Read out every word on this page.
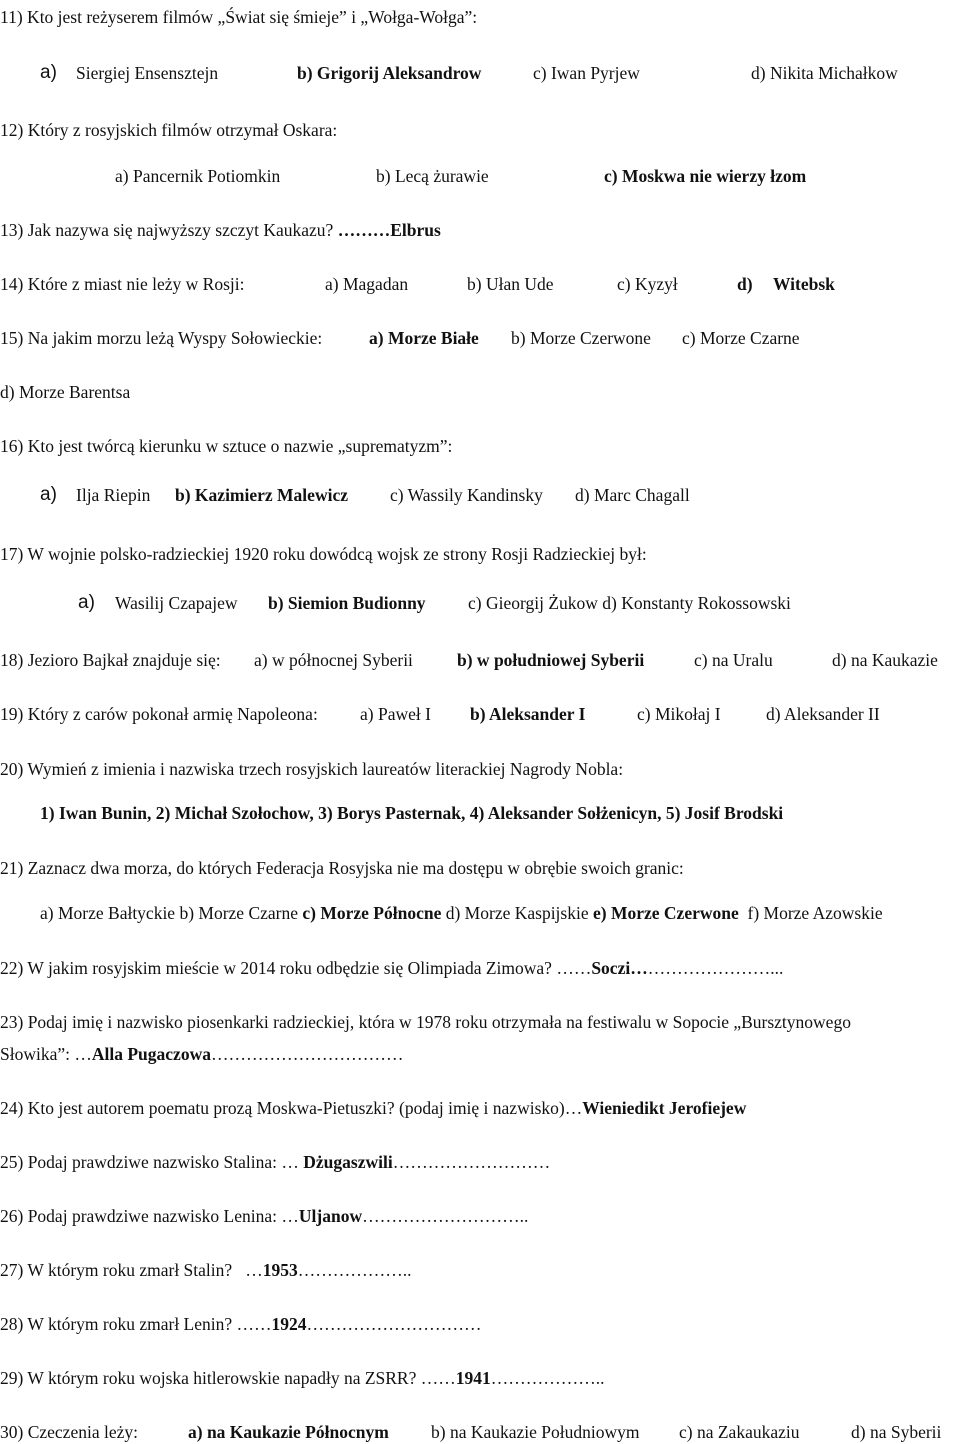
11) Kto jest reżyserem filmów „Świat się śmieje” i „Wołga-Wołga”:
a) Siergiej Ensensztejn	b) Grigorij Aleksandrow	c) Iwan Pyrjew	d) Nikita Michałkow
12) Który z rosyjskich filmów otrzymał Oskara:
a) Pancernik Potiomkin	b) Lecą żurawie	c) Moskwa nie wierzy łzom
13) Jak nazywa się najwyższy szczyt Kaukazu? ………Elbrus
14) Które z miast nie leży w Rosji:	a) Magadan	b) Ułan Ude	c) Kyzył	d) Witebsk
15) Na jakim morzu leżą Wyspy Sołowieckie:	a) Morze Białe b) Morze Czerwone c) Morze Czarne
d) Morze Barentsa
16) Kto jest twórcą kierunku w sztuce o nazwie „suprematyzm”:
a) Ilja Riepin b) Kazimierz Malewicz c) Wassily Kandinsky d) Marc Chagall
17) W wojnie polsko-radzieckiej 1920 roku dowódcą wojsk ze strony Rosji Radzieckiej był:
a) Wasilij Czapajew b) Siemion Budionny c) Gieorgij Żukow d) Konstanty Rokossowski
18) Jezioro Bajkał znajduje się: a) w północnej Syberii	b) w południowej Syberii	c) na Uralu	d) na Kaukazie
19) Który z carów pokonał armię Napoleona: a) Paweł I b) Aleksander I	c) Mikołaj I	d) Aleksander II
20) Wymień z imienia i nazwiska trzech rosyjskich laureatów literackiej Nagrody Nobla:
1) Iwan Bunin, 2) Michał Szołochow, 3) Borys Pasternak, 4) Aleksander Sołżenicyn, 5) Josif Brodski
21) Zaznacz dwa morza, do których Federacja Rosyjska nie ma dostępu w obrębie swoich granic:
a) Morze Bałtyckie b) Morze Czarne c) Morze Północne d) Morze Kaspijskie e) Morze Czerwone  f) Morze Azowskie
22) W jakim rosyjskim mieście w 2014 roku odbędzie się Olimpiada Zimowa? ……Soczi……………………...
23) Podaj imię i nazwisko piosenkarki radzieckiej, która w 1978 roku otrzymała na festiwalu w Sopocie „Bursztynowego
Słowika”: …Alla Pugaczowa……………………………
24) Kto jest autorem poematu prozą Moskwa-Pietuszki? (podaj imię i nazwisko)…Wieniedikt Jerofiejew
25) Podaj prawdziwe nazwisko Stalina: … Dżugaszwili………………………
26) Podaj prawdziwe nazwisko Lenina: …Uljanow………………………..
27) W którym roku zmarł Stalin?   …1953………………..
28) W którym roku zmarł Lenin? ……1924…………………………
29) W którym roku wojska hitlerowskie napadły na ZSRR? ……1941………………..
30) Czeczenia leży:	a) na Kaukazie Północnym b) na Kaukazie Południowym c) na Zakaukaziu	d) na Syberii
